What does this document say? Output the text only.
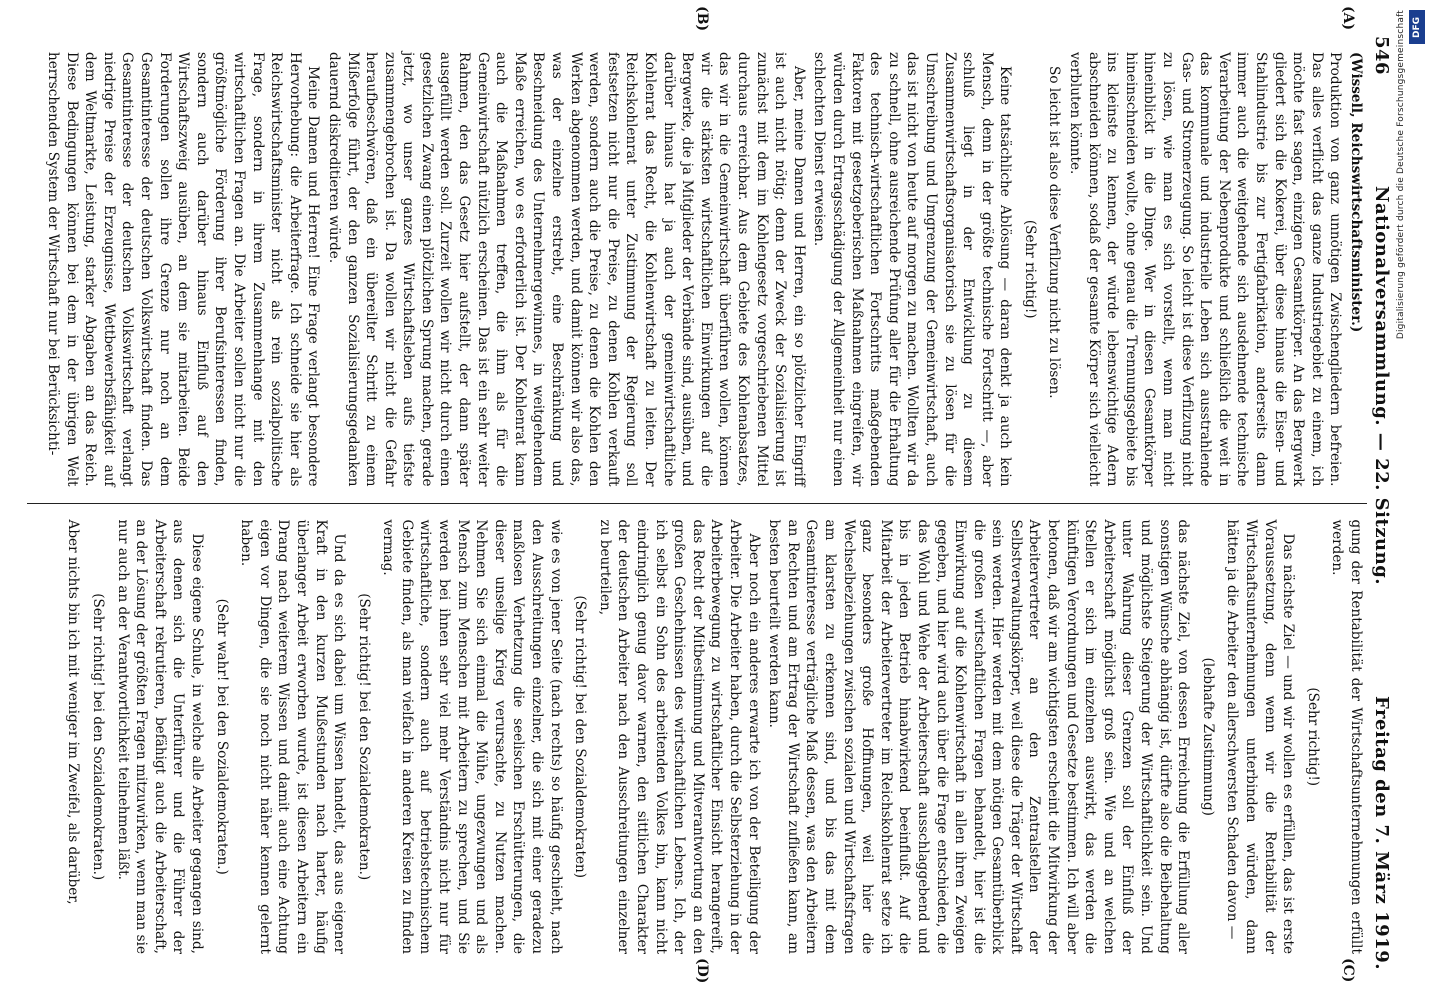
546
Nationalversammlung. — 22. Sitzung.
Freitag den 7. März 1919.
(A)
(B)
(C)
(D)

(Wissell, Reichswirtschaftsminister.)

Produktion von ganz unnötigen Zwischengliedern befreien. Das alles verflicht das ganze Industriegebiet zu einem, ich möchte fast sagen, einzigen Gesamtkörper. An das Bergwerk gliedert sich die Kokerei, über diese hinaus die Eisen- und Stahlindustrie bis zur Fertigfabrikation, anderseits dann immer auch die weitgehende sich ausdehnende technische Verarbeitung der Nebenprodukte und schließlich die weit in das kommunale und industrielle Leben sich ausstrahlende Gas- und Stromerzeugung. So leicht ist diese Verfilzung nicht zu lösen, wie man es sich vorstellt, wenn man nicht hineinblickt in die Dinge. Wer in diesen Gesamtkörper hineinschneiden wollte, ohne genau die Trennungsgebiete bis ins kleinste zu kennen, der würde lebenswichtige Adern abschneiden können, sodaß der gesamte Körper sich vielleicht verbluten könnte.

So leicht ist also diese Verfilzung nicht zu lösen.

(Sehr richtig!)

Keine tatsächliche Ablösung — daran denkt ja auch kein Mensch, denn in der größte technische Fortschritt —, aber schluß liegt in der Entwicklung zu diesem Zusammenwirtschaftsorganisatorisch sie zu lösen für die Umschreibung und Umgrenzung der Gemeinwirtschaft, auch das ist nicht von heute auf morgen zu machen. Wollten wir da zu schnell, ohne ausreichende Prüfung aller für die Erhaltung des technisch-wirtschaftlichen Fortschritts maßgebenden Faktoren mit gesetzgeberischen Maßnahmen eingreifen, wir würden durch Ertragsschädigung der Allgemeinheit nur einen schlechten Dienst erweisen.

Aber, meine Damen und Herren, ein so plötzlicher Eingriff ist auch nicht nötig; denn der Zweck der Sozialisierung ist zunächst mit dem im Kohlengesetz vorgeschriebenen Mittel durchaus erreichbar. Aus dem Gebiete des Kohlenabsatzes, das wir in die Gemeinwirtschaft überführen wollen, können wir die stärksten wirtschaftlichen Einwirkungen auf die Bergwerke, die ja Mitglieder der Verbände sind, ausüben, und darüber hinaus hat ja auch der gemeinwirtschaftliche Kohlenrat das Recht, die Kohlenwirtschaft zu leiten. Der Reichskohlenrat unter Zustimmung der Regierung soll festsetzen nicht nur die Preise, zu denen Kohlen verkauft werden, sondern auch die Preise, zu denen die Kohlen den Werken abgenommen werden, und damit können wir also das, was der einzelne erstrebt, eine Beschränkung und Beschneidung des Unternehmergewinnes, in weitgehendem Maße erreichen, wo es erforderlich ist. Der Kohlenrat kann auch die Maßnahmen treffen, die ihm als für die Gemeinwirtschaft nützlich erscheinen. Das ist ein sehr weiter Rahmen, den das Gesetz hier aufstellt, der dann später ausgefüllt werden soll. Zurzeit wollen wir nicht durch einen gesetzlichen Zwang einen plötzlichen Sprung machen, gerade jetzt, wo unser ganzes Wirtschaftsleben aufs tiefste zusammengebrochen ist. Da wollen wir nicht die Gefahr heraufbeschwören, daß ein übereilter Schritt zu einem Mißerfolge führt, der den ganzen Sozialisierungsgedanken dauernd diskreditieren würde.

Meine Damen und Herren! Eine Frage verlangt besondere Hervorhebung: die Arbeiterfrage. Ich schneide sie hier als Reichswirtschaftsminister nicht als rein sozialpolitische Frage, sondern in ihrem Zusammenhange mit den wirtschaftlichen Fragen an. Die Arbeiter sollen nicht nur die größtmögliche Förderung ihrer Berufsinteressen finden, sondern auch darüber hinaus Einfluß auf den Wirtschaftszweig ausüben, an dem sie mitarbeiten. Beide Forderungen sollen ihre Grenze nur noch an dem Gesamtinteresse der deutschen Volkswirtschaft finden. Das Gesamtinteresse der deutschen Volkswirtschaft verlangt niedrige Preise der Erzeugnisse, Wettbewerbsfähigkeit auf dem Weltmarkte, Leistung, starker Abgaben an das Reich. Diese Bedingungen können bei dem in der übrigen Welt herrschenden System der Wirtschaft nur bei Berücksichti-

gung der Rentabilität der Wirtschaftsunternehmungen erfüllt werden.

(Sehr richtig!)

Das nächste Ziel — und wir wollen es erfüllen, das ist erste Voraussetzung, denn wenn wir die Rentabilität der Wirtschaftsunternehmungen unterbinden würden, dann hätten ja die Arbeiter den allerschwersten Schaden davon —

(lebhafte Zustimmung)

das nächste Ziel, von dessen Erreichung die Erfüllung aller sonstigen Wünsche abhängig ist, dürfte also die Beibehaltung und möglichste Steigerung der Wirtschaftlichkeit sein. Und unter Wahrung dieser Grenzen soll der Einfluß der Arbeiterschaft möglichst groß sein. Wie und an welchen Stellen er sich im einzelnen auswirkt, das werden die künftigen Verordnungen und Gesetze bestimmen. Ich will aber betonen, daß wir am wichtigsten erscheint die Mitwirkung der Arbeitervertreter an den Zentralstellen der Selbstverwaltungskörper, weil diese die Träger der Wirtschaft sein werden. Hier werden mit dem nötigen Gesamtüberblick die großen wirtschaftlichen Fragen behandelt, hier ist die Einwirkung auf die Kohlenwirtschaft in allen ihren Zweigen gegeben, und hier wird auch über die Frage entschieden, die das Wohl und Wehe der Arbeiterschaft ausschlaggebend und bis in jeden Betrieb hinabwirkend beeinflußt. Auf die Mitarbeit der Arbeitervertreter im Reichskohlenrat setze ich ganz besonders große Hoffnungen, weil hier die Wechselbeziehungen zwischen sozialen und Wirtschaftsfragen am klarsten zu erkennen sind, und bis das mit dem Gesamtinteresse verträgliche Maß dessen, was den Arbeitern an Rechten und am Ertrag der Wirtschaft zufließen kann, am besten beurteilt werden kann.

Aber noch ein anderes erwarte ich von der Beteiligung der Arbeiter. Die Arbeiter haben, durch die Selbsterziehung in der Arbeiterbewegung zu wirtschaftlicher Einsicht herangereift, das Recht der Mitbestimmung und Mitverantwortung an den großen Geschehnissen des wirtschaftlichen Lebens. Ich, der ich selbst ein Sohn des arbeitenden Volkes bin, kann nicht eindringlich genug davor warnen, den sittlichen Charakter der deutschen Arbeiter nach den Ausschreitungen einzelner zu beurteilen,

(Sehr richtig! bei den Sozialdemokraten)

wie es von jener Seite (nach rechts) so häufig geschieht, nach den Ausschreitungen einzelner, die sich mit einer geradezu maßlosen Verhetzung die seelischen Erschütterungen, die dieser unselige Krieg verursachte, zu Nutzen machen. Nehmen Sie sich einmal die Mühe, ungezwungen und als Mensch zum Menschen mit Arbeitern zu sprechen, und Sie werden bei ihnen sehr viel mehr Verständnis nicht nur für wirtschaftliche, sondern auch auf betriebstechnischem Gebiete finden, als man vielfach in anderen Kreisen zu finden vermag.

(Sehr richtig! bei den Sozialdemokraten.)

Und da es sich dabei um Wissen handelt, das aus eigener Kraft in den kurzen Mußestunden nach harter, häufig überlanger Arbeit erworben wurde, ist diesen Arbeitern ein Drang nach weiterem Wissen und damit auch eine Achtung eigen vor Dingen, die sie noch nicht näher kennen gelernt haben.

(Sehr wahr! bei den Sozialdemokraten.)

Diese eigene Schule, in welche alle Arbeiter gegangen sind, aus denen sich die Unterführer und die Führer der Arbeiterschaft rekrutieren, befähigt auch die Arbeiterschaft, an der Lösung der größten Fragen mitzuwirken, wenn man sie nur auch an der Verantwortlichkeit teilnehmen läßt.

(Sehr richtig! bei den Sozialdemokraten.)

Aber nichts bin ich mit weniger im Zweifel, als darüber,

DFG
Digitalisierung gefördert durch die Deutsche Forschungsgemeinschaft
